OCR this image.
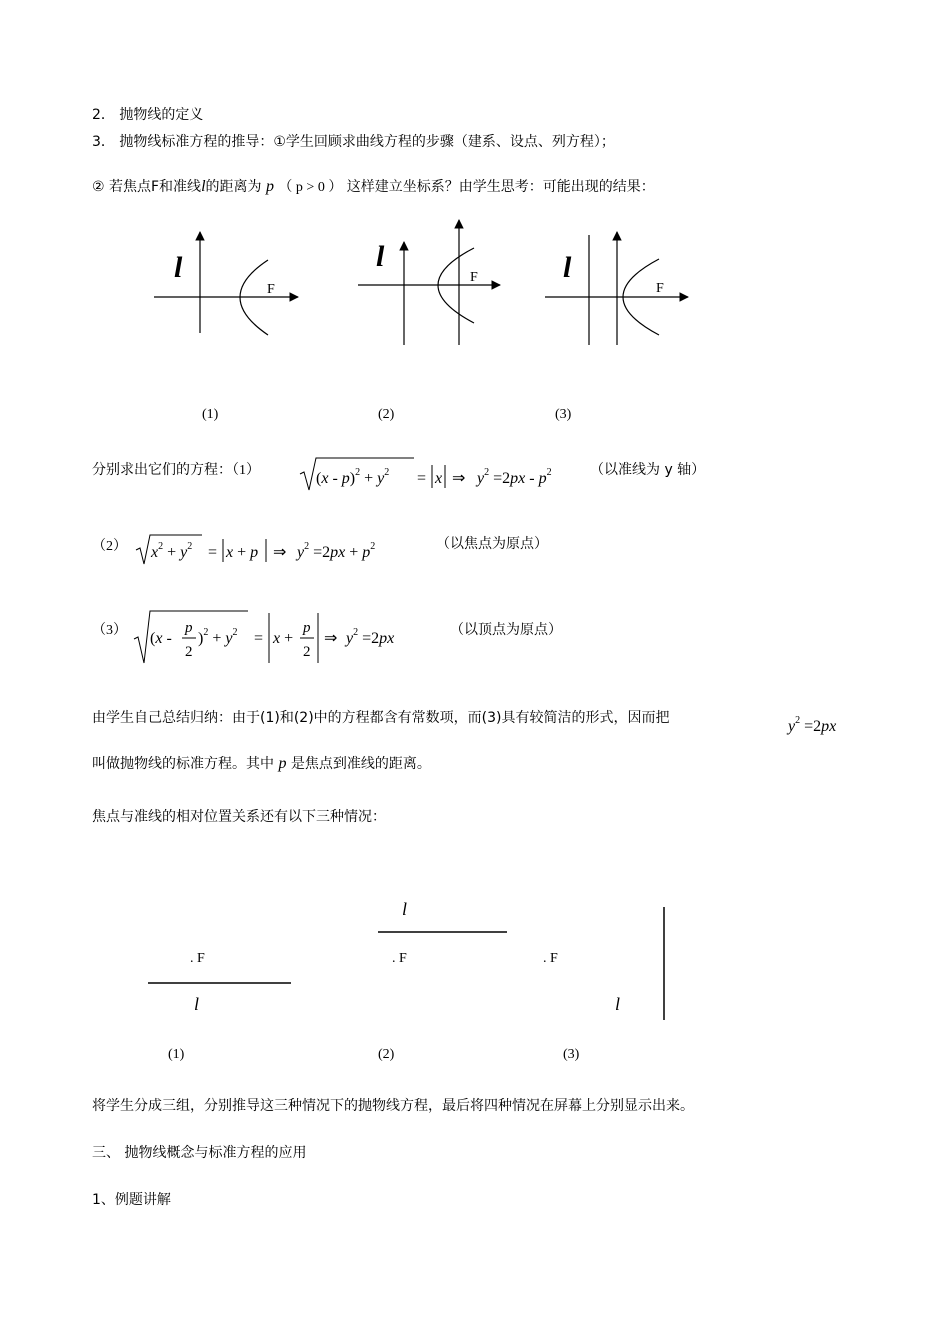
2． 抛物线的定义
3． 抛物线标准方程的推导：①学生回顾求曲线方程的步骤（建系、设点、列方程）；
② 若焦点F和准线l的距离为 p （ p > 0 ） 这样建立坐标系？由学生思考：可能出现的结果：
l
F
l
F	l
F
(1)	(2)	(3)
分别求出它们的方程：（1）	$(x - p)^2 + y^2 = x$ ⇒ $y^2 =2px - p^2$	（以准线为 y 轴）
（2） $x^2 + y^2 = x + p$ ⇒ $y^2 =2px + p^2$	（以焦点为原点）
（3） (x -
p
2
)$^2 + y^2 = x$ +
p
2
⇒ $y^2 =2px$	（以顶点为原点）
由学生自己总结归纳：由于(1)和(2)中的方程都含有常数项，而(3)具有较简洁的形式，因而把	$y^2 =2px$
叫做抛物线的标准方程。其中 p 是焦点到准线的距离。
焦点与准线的相对位置关系还有以下三种情况：
. F
l
l
. F	. F
l
(1)	(2)	(3)
将学生分成三组，分别推导这三种情况下的抛物线方程，最后将四种情况在屏幕上分别显示出来。
三、 抛物线概念与标准方程的应用
1、例题讲解
